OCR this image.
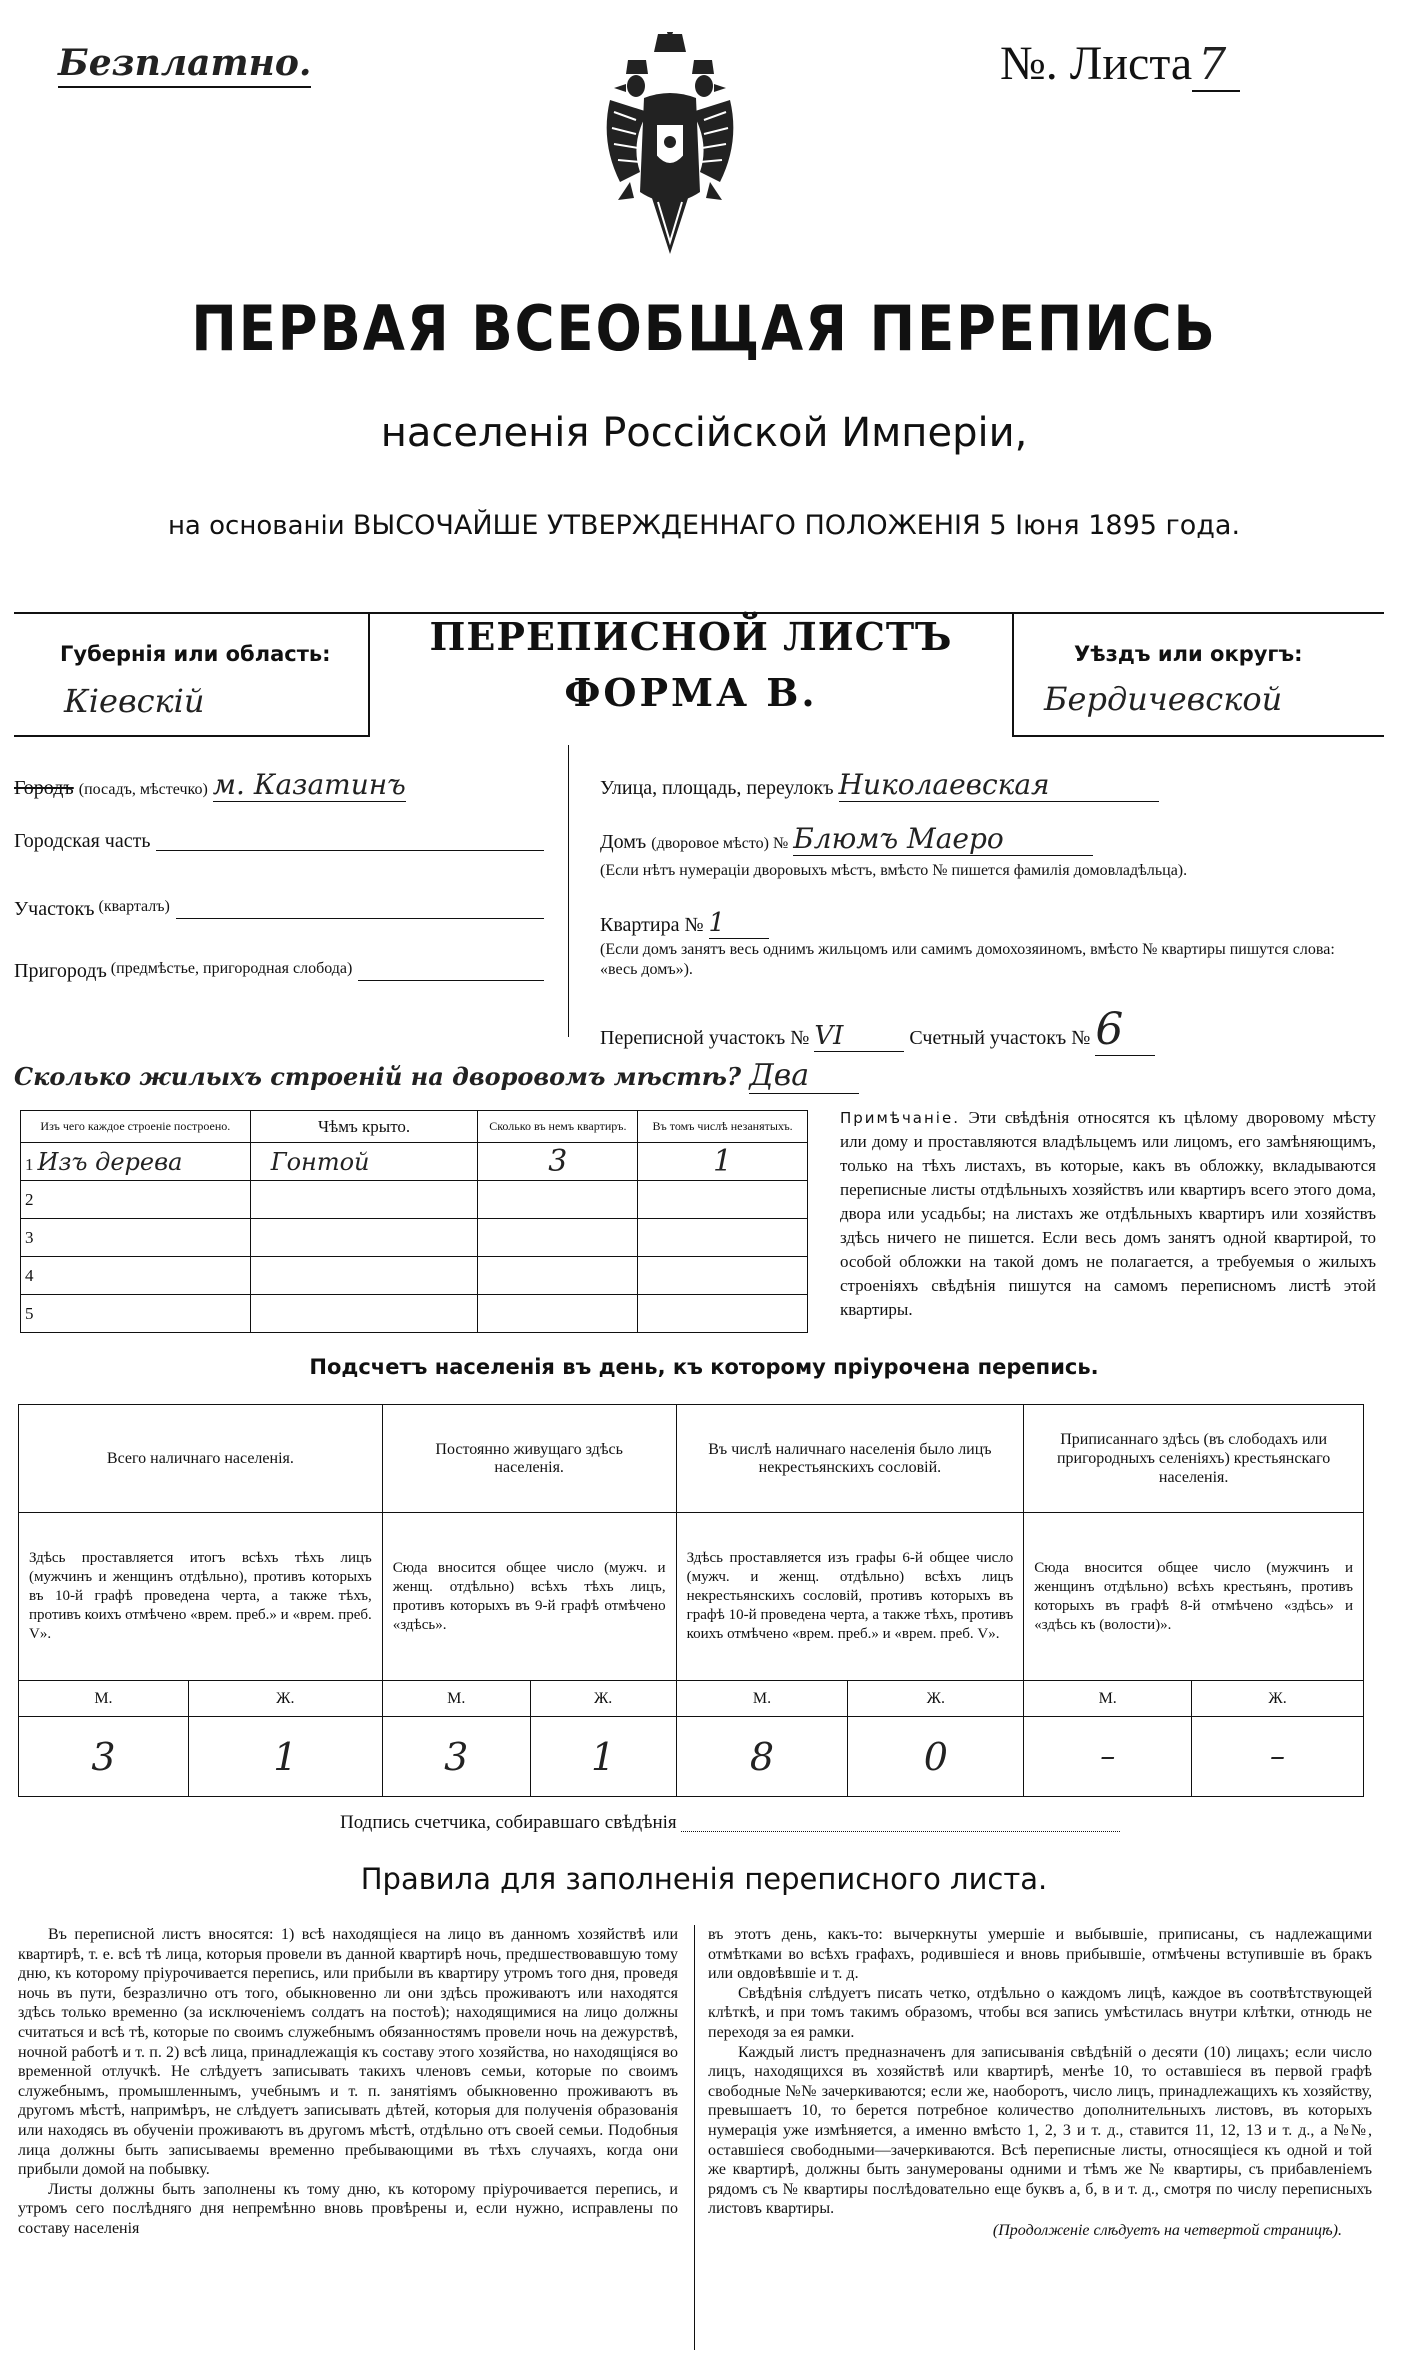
Безплатно.	№. Листа 7
ПЕРВАЯ ВСЕОБЩАЯ ПЕРЕПИСЬ
населенія Россійской Имперіи,
на основаніи ВЫСОЧАЙШЕ УТВЕРЖДЕННАГО ПОЛОЖЕНІЯ 5 Іюня 1895 года.
Губернія или область:
Кіевскій
Уѣздъ или округъ:
Бердичевской
ПЕРЕПИСНОЙ ЛИСТЪ
ФОРМА В.
Городъ (посадъ, мѣстечко) м. Казатинъ
Городская часть
Участокъ (кварталъ)
Пригородъ (предмѣстье, пригородная слобода)
Улица, площадь, переулокъ Николаевская
Домъ (дворовое мѣсто) № Блюмъ Маеро
(Если нѣтъ нумераціи дворовыхъ мѣстъ, вмѣсто № пишется фамилія домовладѣльца).
Квартира № 1
(Если домъ занятъ весь однимъ жильцомъ или самимъ домохозяиномъ, вмѣсто № квартиры пишутся слова: «весь домъ»).
Переписной участокъ № VI	Счетный участокъ № 6
Сколько жилыхъ строеній на дворовомъ мѣстѣ? Два
Изъ чего каждое строеніе построено.	Чѣмъ крыто.	Сколько въ немъ квартиръ.	Въ томъ числѣ незанятыхъ.
1 Изъ дерева	Гонтой	3	1
2			
3			
4			
5			
Примѣчаніе. Эти свѣдѣнія относятся къ цѣлому дворовому мѣсту или дому и проставляются владѣльцемъ или лицомъ, его замѣняющимъ, только на тѣхъ листахъ, въ которые, какъ въ обложку, вкладываются переписные листы отдѣльныхъ хозяйствъ или квартиръ всего этого дома, двора или усадьбы; на листахъ же отдѣльныхъ квартиръ или хозяйствъ здѣсь ничего не пишется. Если весь домъ занятъ одной квартирой, то особой обложки на такой домъ не полагается, а требуемыя о жилыхъ строеніяхъ свѣдѣнія пишутся на самомъ переписномъ листѣ этой квартиры.
Подсчетъ населенія въ день, къ которому пріурочена перепись.
Всего наличнаго населенія.		Постоянно живущаго здѣсь населенія.		Въ числѣ наличнаго населенія было лицъ некрестьянскихъ сословій.		Приписаннаго здѣсь (въ слободахъ или пригородныхъ селеніяхъ) крестьянскаго населенія.	
Здѣсь проставляется итогъ всѣхъ тѣхъ лицъ (мужчинъ и женщинъ отдѣльно), противъ которыхъ въ 10-й графѣ проведена черта, а также тѣхъ, противъ коихъ отмѣчено «врем. преб.» и «врем. преб. V».		Сюда вносится общее число (мужч. и женщ. отдѣльно) всѣхъ тѣхъ лицъ, противъ которыхъ въ 9-й графѣ отмѣчено «здѣсь».		Здѣсь проставляется изъ графы 6-й общее число (мужч. и женщ. отдѣльно) всѣхъ лицъ некрестьянскихъ сословій, противъ которыхъ въ графѣ 10-й проведена черта, а также тѣхъ, противъ коихъ отмѣчено «врем. преб.» и «врем. преб. V».		Сюда вносится общее число (мужчинъ и женщинъ отдѣльно) всѣхъ крестьянъ, противъ которыхъ въ графѣ 8-й отмѣчено «здѣсь» и «здѣсь къ (волости)».	
М.	Ж.	М.	Ж.	М.	Ж.	М.	Ж.
3	1	3	1	8	0	–	–
Подпись счетчика, собиравшаго свѣдѣнія
Правила для заполненія переписного листа.

Въ переписной листъ вносятся: 1) всѣ находящіеся на лицо въ данномъ хозяйствѣ или квартирѣ, т. е. всѣ тѣ лица, которыя провели въ данной квартирѣ ночь, предшествовавшую тому дню, къ которому пріурочивается перепись, или прибыли въ квартиру утромъ того дня, проведя ночь въ пути, безразлично отъ того, обыкновенно ли они здѣсь проживаютъ или находятся здѣсь только временно (за исключеніемъ солдатъ на постоѣ); находящимися на лицо должны считаться и всѣ тѣ, которые по своимъ служебнымъ обязанностямъ провели ночь на дежурствѣ, ночной работѣ и т. п. 2) всѣ лица, принадлежащія къ составу этого хозяйства, но находящіяся во временной отлучкѣ. Не слѣдуетъ записывать такихъ членовъ семьи, которые по своимъ служебнымъ, промышленнымъ, учебнымъ и т. п. занятіямъ обыкновенно проживаютъ въ другомъ мѣстѣ, напримѣръ, не слѣдуетъ записывать дѣтей, которыя для полученія образованія или находясь въ обученіи проживаютъ въ другомъ мѣстѣ, отдѣльно отъ своей семьи. Подобныя лица должны быть записываемы временно пребывающими въ тѣхъ случаяхъ, когда они прибыли домой на побывку.

Листы должны быть заполнены къ тому дню, къ которому пріурочивается перепись, и утромъ сего послѣдняго дня непремѣнно вновь провѣрены и, если нужно, исправлены по составу населенія

въ этотъ день, какъ-то: вычеркнуты умершіе и выбывшіе, приписаны, съ надлежащими отмѣтками во всѣхъ графахъ, родившіеся и вновь прибывшіе, отмѣчены вступившіе въ бракъ или овдовѣвшіе и т. д.

Свѣдѣнія слѣдуетъ писать четко, отдѣльно о каждомъ лицѣ, каждое въ соотвѣтствующей клѣткѣ, и при томъ такимъ образомъ, чтобы вся запись умѣстилась внутри клѣтки, отнюдь не переходя за ея рамки.

Каждый листъ предназначенъ для записыванія свѣдѣній о десяти (10) лицахъ; если число лицъ, находящихся въ хозяйствѣ или квартирѣ, менѣе 10, то оставшіеся въ первой графѣ свободные №№ зачеркиваются; если же, наоборотъ, число лицъ, принадлежащихъ къ хозяйству, превышаетъ 10, то берется потребное количество дополнительныхъ листовъ, въ которыхъ нумерація уже измѣняется, а именно вмѣсто 1, 2, 3 и т. д., ставится 11, 12, 13 и т. д., а №№, оставшіеся свободными—зачеркиваются. Всѣ переписные листы, относящіеся къ одной и той же квартирѣ, должны быть занумерованы одними и тѣмъ же № квартиры, съ прибавленіемъ рядомъ съ № квартиры послѣдовательно еще буквъ а, б, в и т. д., смотря по числу переписныхъ листовъ квартиры.

(Продолженіе слѣдуетъ на четвертой страницѣ).
